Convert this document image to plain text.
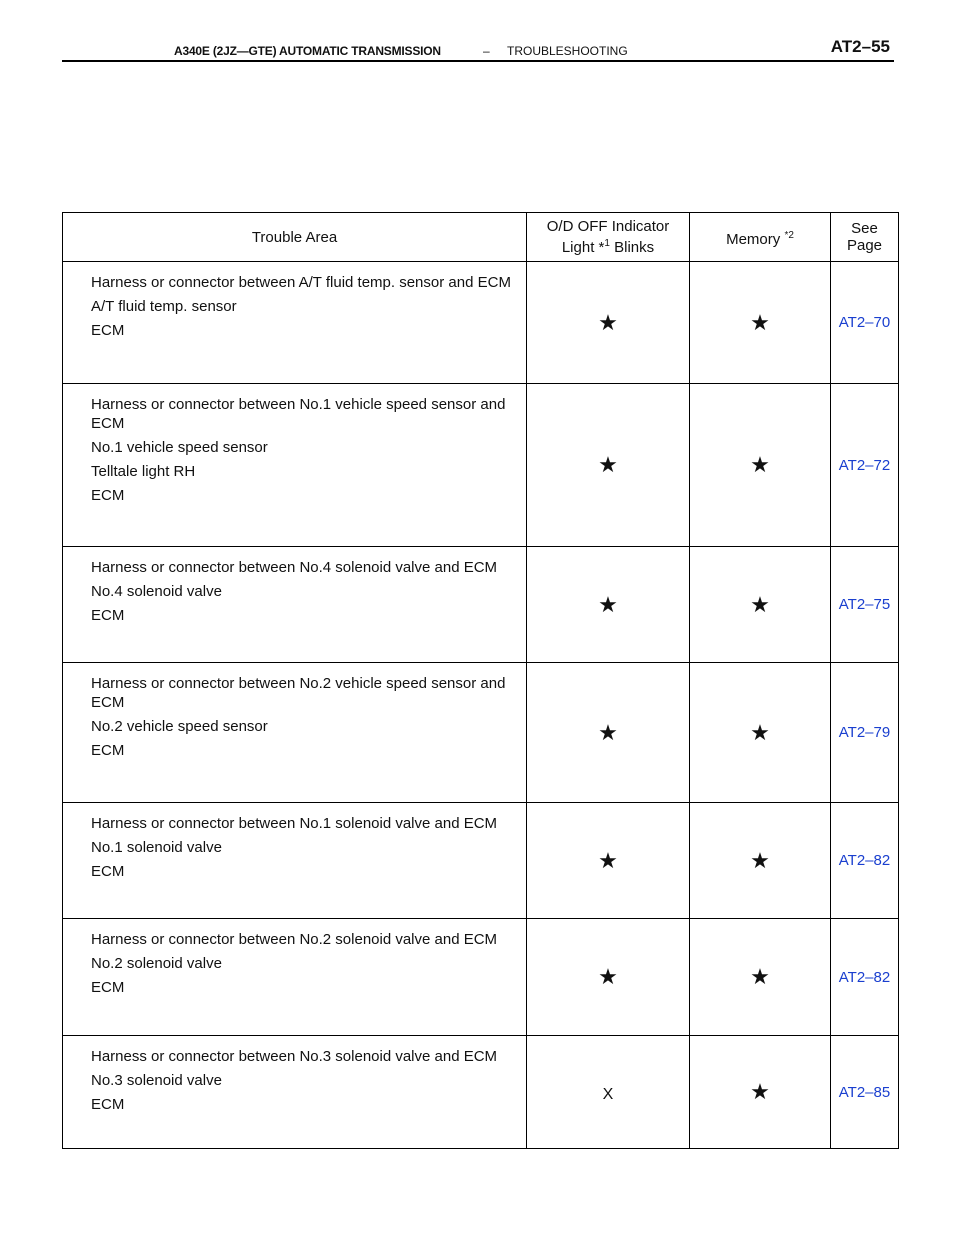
A340E (2JZ—GTE) AUTOMATIC TRANSMISSION	– TROUBLESHOOTING	AT2–55
Trouble Area	O/D OFF Indicator
Light *$^1$ Blinks	Memory $^{*2}$	See
Page

Harness or connector between A/T fluid temp. sensor and ECM
A/T fluid temp. sensor
ECM	★	★	AT2–70

Harness or connector between No.1 vehicle speed sensor and ECM
No.1 vehicle speed sensor
Telltale light RH
ECM	★	★	AT2–72

Harness or connector between No.4 solenoid valve and ECM
No.4 solenoid valve
ECM	★	★	AT2–75

Harness or connector between No.2 vehicle speed sensor and ECM
No.2 vehicle speed sensor
ECM	★	★	AT2–79

Harness or connector between No.1 solenoid valve and ECM
No.1 solenoid valve
ECM	★	★	AT2–82

Harness or connector between No.2 solenoid valve and ECM
No.2 solenoid valve
ECM	★	★	AT2–82

Harness or connector between No.3 solenoid valve and ECM
No.3 solenoid valve
ECM	X	★	AT2–85
